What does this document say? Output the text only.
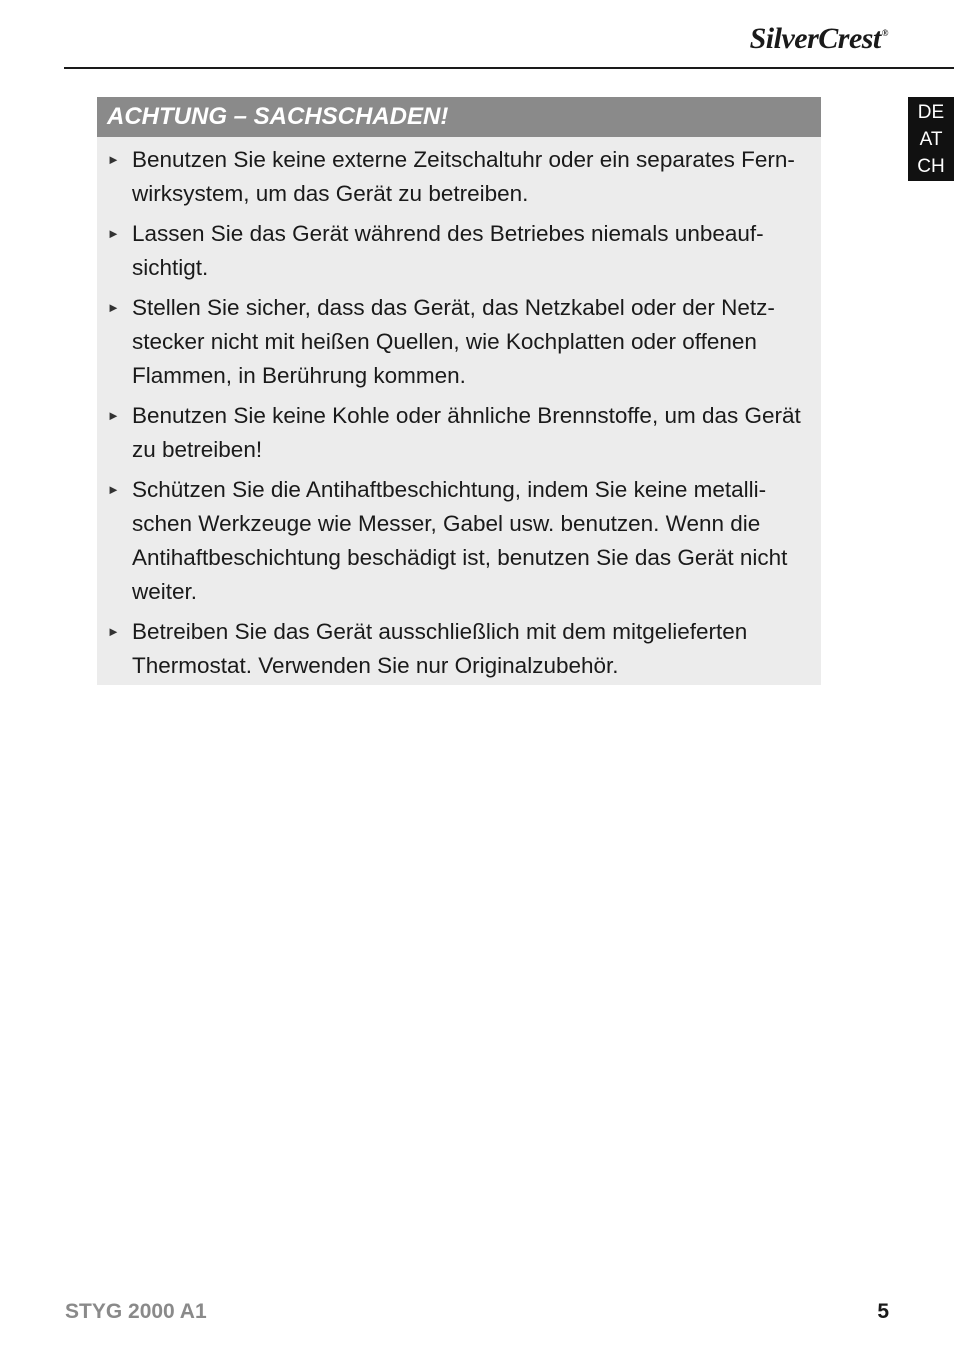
SilverCrest®
DE
AT
CH
ACHTUNG – SACHSCHADEN!
► Benutzen Sie keine externe Zeitschaltuhr oder ein separates Fern-wirksystem, um das Gerät zu betreiben.
► Lassen Sie das Gerät während des Betriebes niemals unbeauf-sichtigt.
► Stellen Sie sicher, dass das Gerät, das Netzkabel oder der Netz-stecker nicht mit heißen Quellen, wie Kochplatten oder offenen Flammen, in Berührung kommen.
► Benutzen Sie keine Kohle oder ähnliche Brennstoffe, um das Gerät zu betreiben!
► Schützen Sie die Antihaftbeschichtung, indem Sie keine metalli-schen Werkzeuge wie Messer, Gabel usw. benutzen. Wenn die Antihaftbeschichtung beschädigt ist, benutzen Sie das Gerät nicht weiter.
► Betreiben Sie das Gerät ausschließlich mit dem mitgelieferten Thermostat. Verwenden Sie nur Originalzubehör.
STYG 2000 A1	5
